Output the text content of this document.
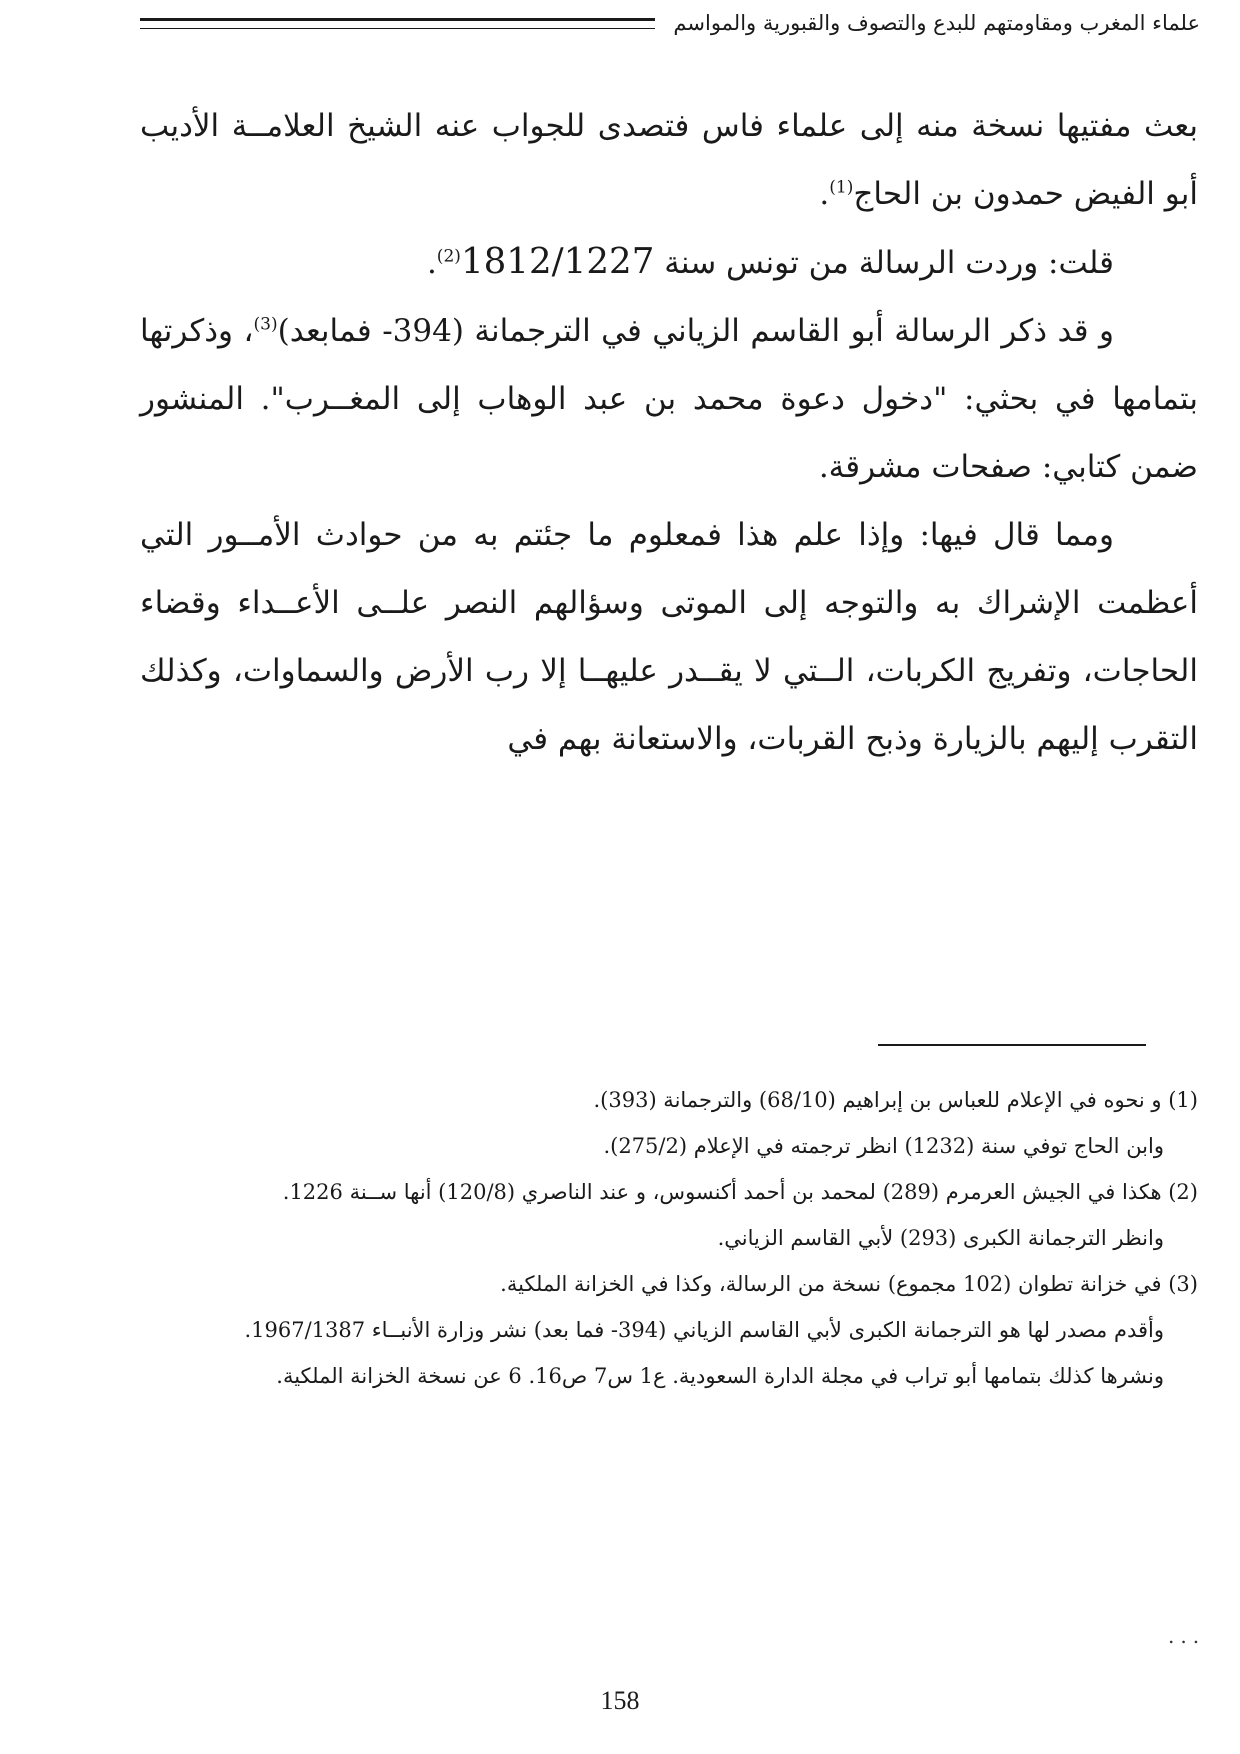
علماء المغرب ومقاومتهم للبدع والتصوف والقبورية والمواسم

بعث مفتيها نسخة منه إلى علماء فاس فتصدى للجواب عنه الشيخ العلامــة الأديب أبو الفيض حمدون بن الحاج$^{(1)}$.

قلت: وردت الرسالة من تونس سنة 1812/1227$^{(2)}$.

و قد ذكر الرسالة أبو القاسم الزياني في الترجمانة (394- فمابعد)$^{(3)}$، وذكرتها بتمامها في بحثي: "دخول دعوة محمد بن عبد الوهاب إلى المغــرب". المنشور ضمن كتابي: صفحات مشرقة.

ومما قال فيها: وإذا علم هذا فمعلوم ما جئتم به من حوادث الأمــور التي أعظمت الإشراك به والتوجه إلى الموتى وسؤالهم النصر علــى الأعــداء وقضاء الحاجات، وتفريج الكربات، الــتي لا يقــدر عليهــا إلا رب الأرض والسماوات، وكذلك التقرب إليهم بالزيارة وذبح القربات، والاستعانة بهم في

(1) و نحوه في الإعلام للعباس بن إبراهيم (68/10) والترجمانة (393).

وابن الحاج توفي سنة (1232) انظر ترجمته في الإعلام (275/2).

(2) هكذا في الجيش العرمرم (289) لمحمد بن أحمد أكنسوس، و عند الناصري (120/8) أنها ســنة 1226.

وانظر الترجمانة الكبرى (293) لأبي القاسم الزياني.

(3) في خزانة تطوان (102 مجموع) نسخة من الرسالة، وكذا في الخزانة الملكية.

وأقدم مصدر لها هو الترجمانة الكبرى لأبي القاسم الزياني (394- فما بعد) نشر وزارة الأنبــاء 1967/1387.

ونشرها كذلك بتمامها أبو تراب في مجلة الدارة السعودية. ع1 س7 ص16. 6 عن نسخة الخزانة الملكية.

...
158
